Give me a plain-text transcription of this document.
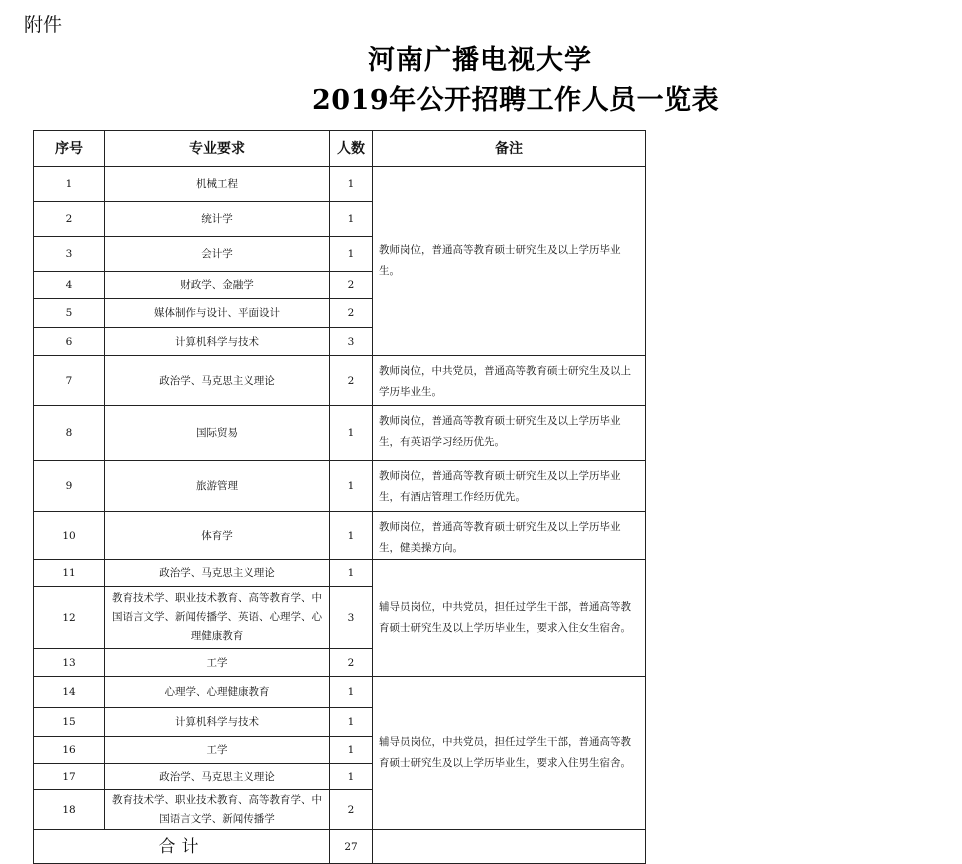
附件
河南广播电视大学
2019年公开招聘工作人员一览表
序号	专业要求	人数	备注
1	机械工程	1	教师岗位，普通高等教育硕士研究生及以上学历毕业生。
2	统计学	1	
3	会计学	1	
4	财政学、金融学	2	
5	媒体制作与设计、平面设计	2	
6	计算机科学与技术	3	
7	政治学、马克思主义理论	2	教师岗位，中共党员，普通高等教育硕士研究生及以上学历毕业生。
8	国际贸易	1	教师岗位，普通高等教育硕士研究生及以上学历毕业生，有英语学习经历优先。
9	旅游管理	1	教师岗位，普通高等教育硕士研究生及以上学历毕业生，有酒店管理工作经历优先。
10	体育学	1	教师岗位，普通高等教育硕士研究生及以上学历毕业生，健美操方向。
11	政治学、马克思主义理论	1	辅导员岗位，中共党员，担任过学生干部，普通高等教育硕士研究生及以上学历毕业生，要求入住女生宿舍。
12	教育技术学、职业技术教育、高等教育学、中国语言文学、新闻传播学、英语、心理学、心理健康教育	3	
13	工学	2	
14	心理学、心理健康教育	1	辅导员岗位，中共党员，担任过学生干部，普通高等教育硕士研究生及以上学历毕业生，要求入住男生宿舍。
15	计算机科学与技术	1	
16	工学	1	
17	政治学、马克思主义理论	1	
18	教育技术学、职业技术教育、高等教育学、中国语言文学、新闻传播学	2	
合计		27	
